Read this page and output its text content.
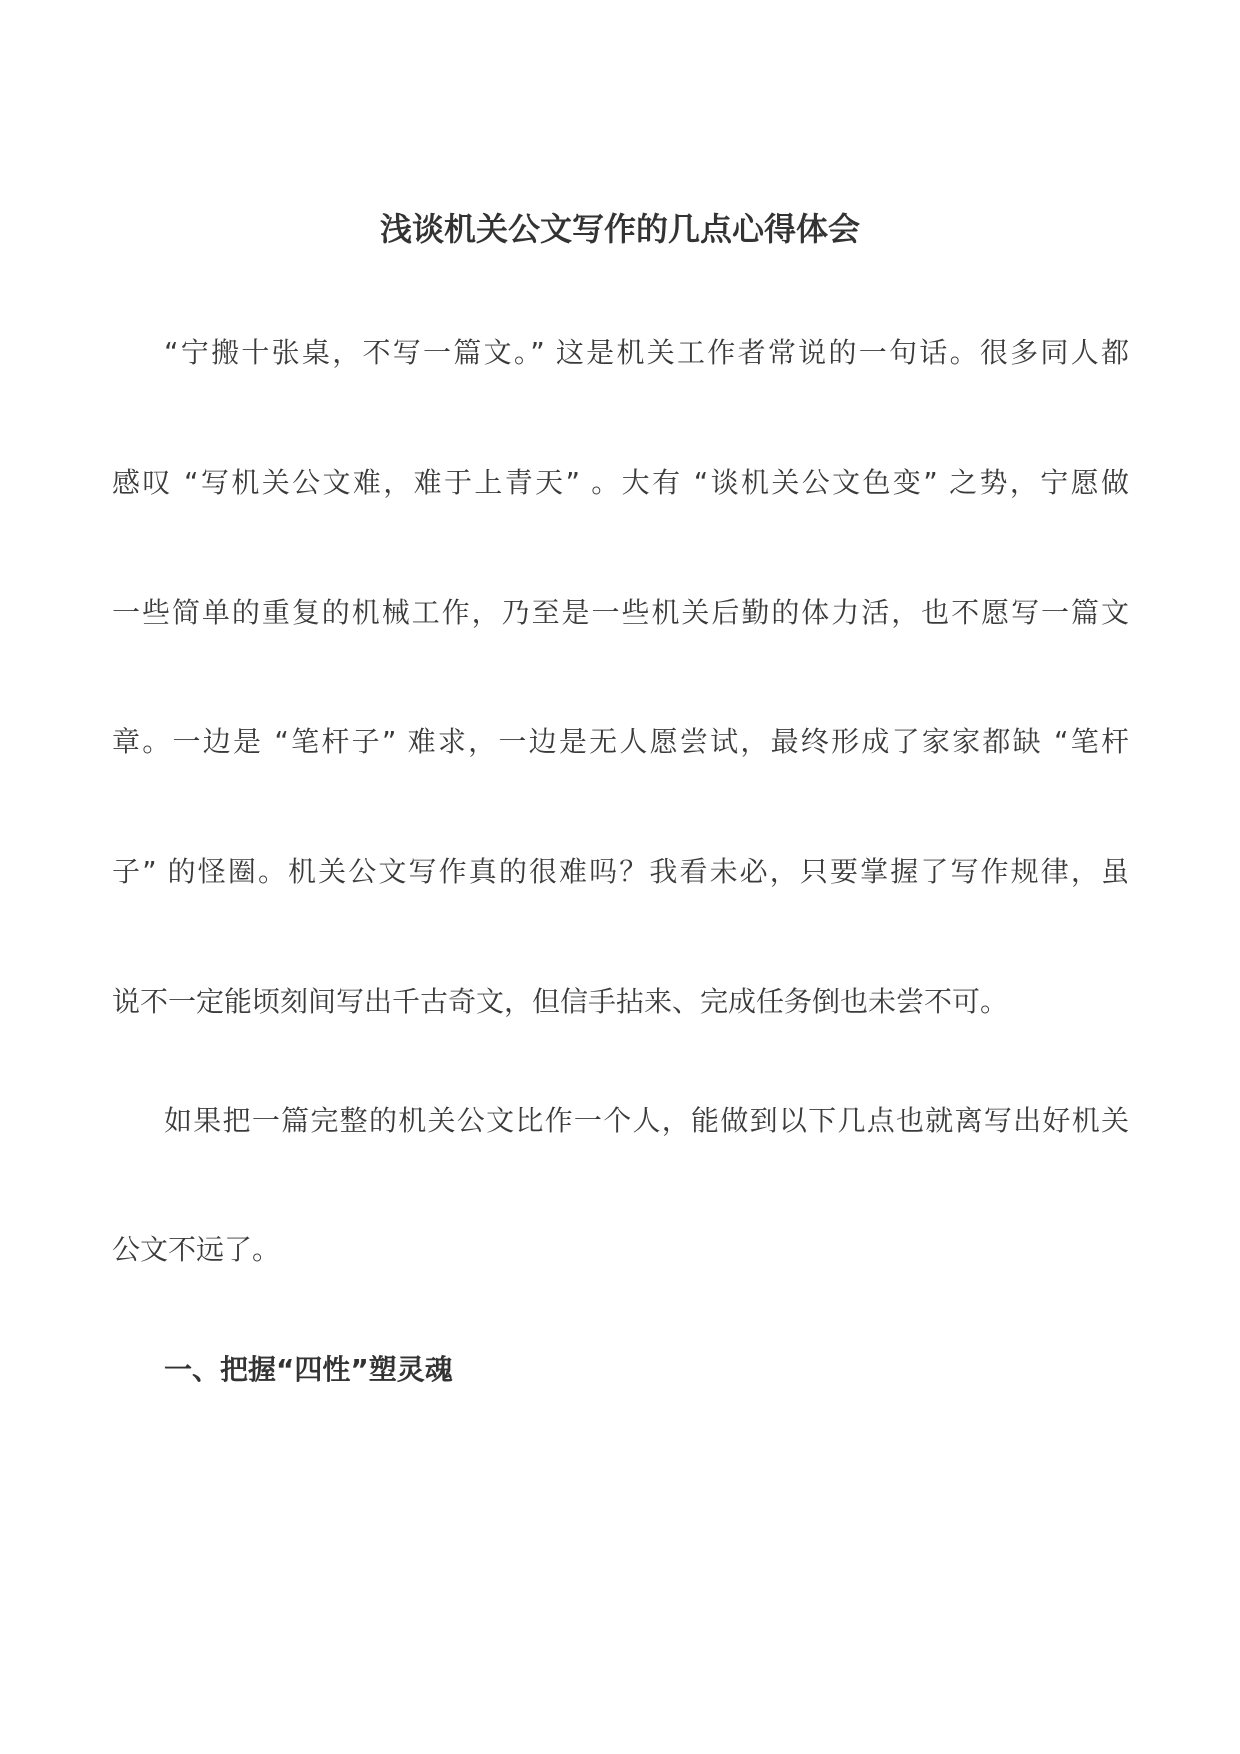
浅谈机关公文写作的几点心得体会
“宁搬十张桌，不写一篇文。” 这是机关工作者常说的一句话。很多同人都
感叹 “写机关公文难，难于上青天” 。大有 “谈机关公文色变” 之势，宁愿做
一些简单的重复的机械工作，乃至是一些机关后勤的体力活，也不愿写一篇文
章。一边是 “笔杆子” 难求，一边是无人愿尝试，最终形成了家家都缺 “笔杆
子” 的怪圈。机关公文写作真的很难吗？我看未必，只要掌握了写作规律，虽
说不一定能顷刻间写出千古奇文，但信手拈来、完成任务倒也未尝不可。
如果把一篇完整的机关公文比作一个人，能做到以下几点也就离写出好机关
公文不远了。
一、把握“四性”塑灵魂
